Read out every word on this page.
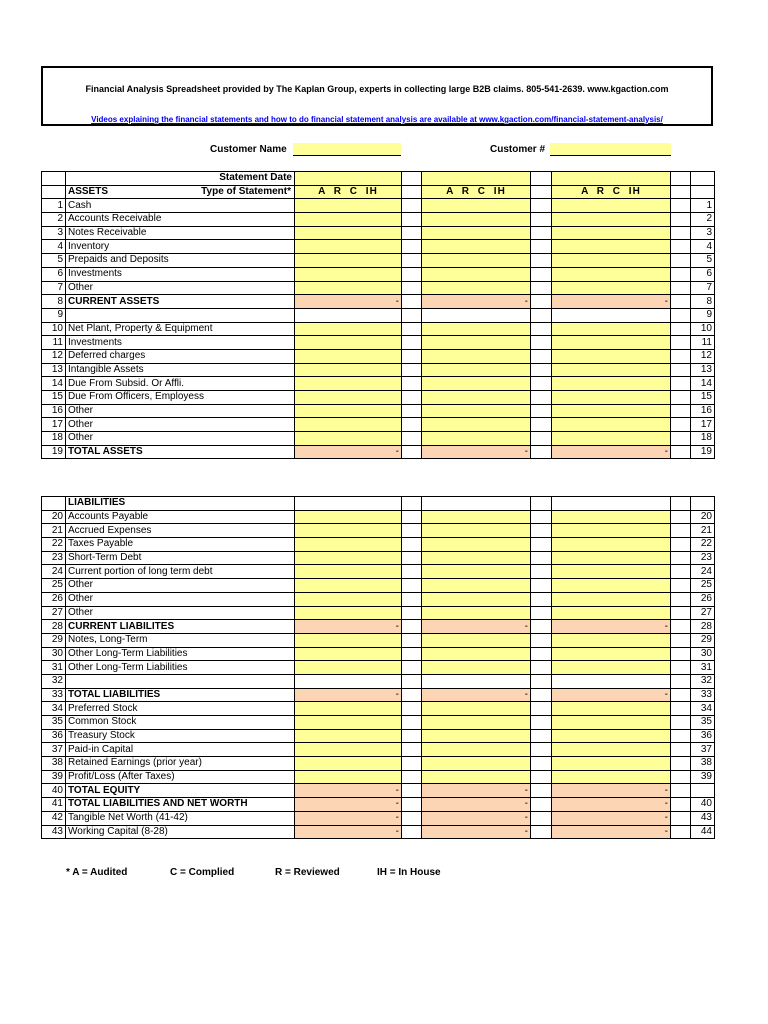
Financial Analysis Spreadsheet provided by The Kaplan Group, experts in collecting large B2B claims. 805-541-2639. www.kgaction.com
Videos explaining the financial statements and how to do financial statement analysis are available at www.kgaction.com/financial-statement-analysis/
Customer Name	Customer #
	Statement Date							
	ASSETS Type of Statement*	A R C IH		A R C IH		A R C IH		
1	Cash							1
2	Accounts Receivable							2
3	Notes Receivable							3
4	Inventory							4
5	Prepaids and Deposits							5
6	Investments							6
7	Other							7
8	CURRENT ASSETS	-		-		-		8
9								9
10	Net Plant, Property & Equipment							10
11	Investments							11
12	Deferred charges							12
13	Intangible Assets							13
14	Due From Subsid. Or Affli.							14
15	Due From Officers, Employess							15
16	Other							16
17	Other							17
18	Other							18
19	TOTAL ASSETS	-		-		-		19
	LIABILITIES							
20	Accounts Payable							20
21	Accrued Expenses							21
22	Taxes Payable							22
23	Short-Term Debt							23
24	Current portion of long term debt							24
25	Other							25
26	Other							26
27	Other							27
28	CURRENT LIABILITES	-		-		-		28
29	Notes, Long-Term							29
30	Other Long-Term Liabilities							30
31	Other Long-Term Liabilities							31
32								32
33	TOTAL LIABILITIES	-		-		-		33
34	Preferred Stock							34
35	Common Stock							35
36	Treasury Stock							36
37	Paid-in Capital							37
38	Retained Earnings (prior year)							38
39	Profit/Loss (After Taxes)							39
40	TOTAL EQUITY	-		-		-		
41	TOTAL LIABILITIES AND NET WORTH	-		-		-		40
42	Tangible Net Worth (41-42)	-		-		-		43
43	Working Capital (8-28)	-		-		-		44
* A = Audited	C = Complied	R = Reviewed	IH = In House
